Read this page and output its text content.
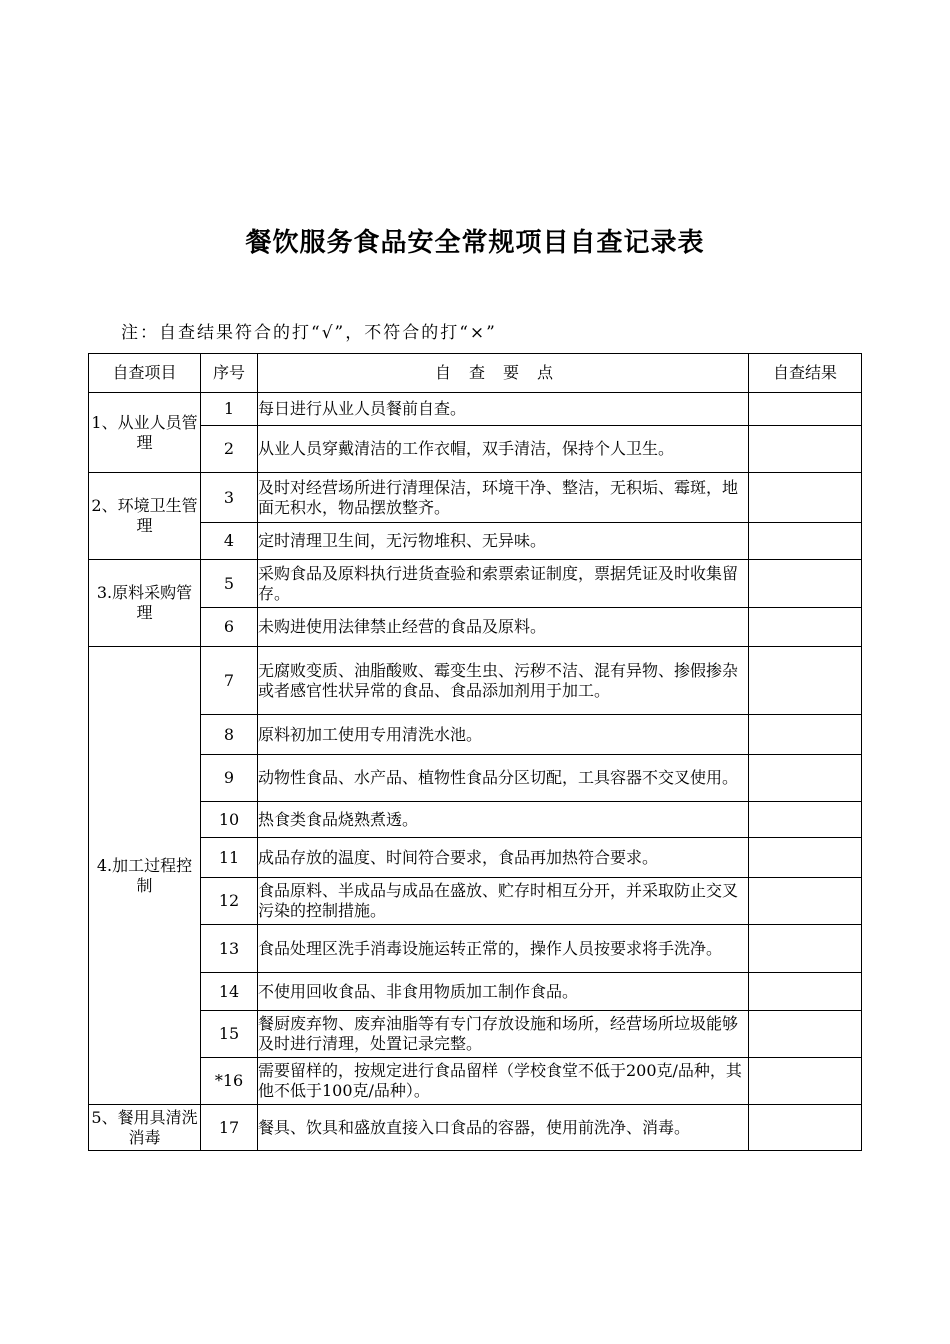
餐饮服务食品安全常规项目自查记录表
注：自查结果符合的打“√”，不符合的打“×”
自查项目	序号	自查要点	自查结果
1、从业人员管理	1	每日进行从业人员餐前自查。	
	2	从业人员穿戴清洁的工作衣帽，双手清洁，保持个人卫生。	
2、环境卫生管理	3	及时对经营场所进行清理保洁，环境干净、整洁，无积垢、霉斑，地面无积水，物品摆放整齐。	
	4	定时清理卫生间，无污物堆积、无异味。	
3.原料采购管理	5	采购食品及原料执行进货查验和索票索证制度，票据凭证及时收集留存。	
	6	未购进使用法律禁止经营的食品及原料。	
4.加工过程控制	7	无腐败变质、油脂酸败、霉变生虫、污秽不洁、混有异物、掺假掺杂或者感官性状异常的食品、食品添加剂用于加工。	
	8	原料初加工使用专用清洗水池。	
	9	动物性食品、水产品、植物性食品分区切配，工具容器不交叉使用。	
	10	热食类食品烧熟煮透。	
	11	成品存放的温度、时间符合要求，食品再加热符合要求。	
	12	食品原料、半成品与成品在盛放、贮存时相互分开，并采取防止交叉污染的控制措施。	
	13	食品处理区洗手消毒设施运转正常的，操作人员按要求将手洗净。	
	14	不使用回收食品、非食用物质加工制作食品。	
	15	餐厨废弃物、废弃油脂等有专门存放设施和场所，经营场所垃圾能够及时进行清理，处置记录完整。	
	*16	需要留样的，按规定进行食品留样（学校食堂不低于200克/品种，其他不低于100克/品种）。	
5、餐用具清洗消毒	17	餐具、饮具和盛放直接入口食品的容器，使用前洗净、消毒。	
